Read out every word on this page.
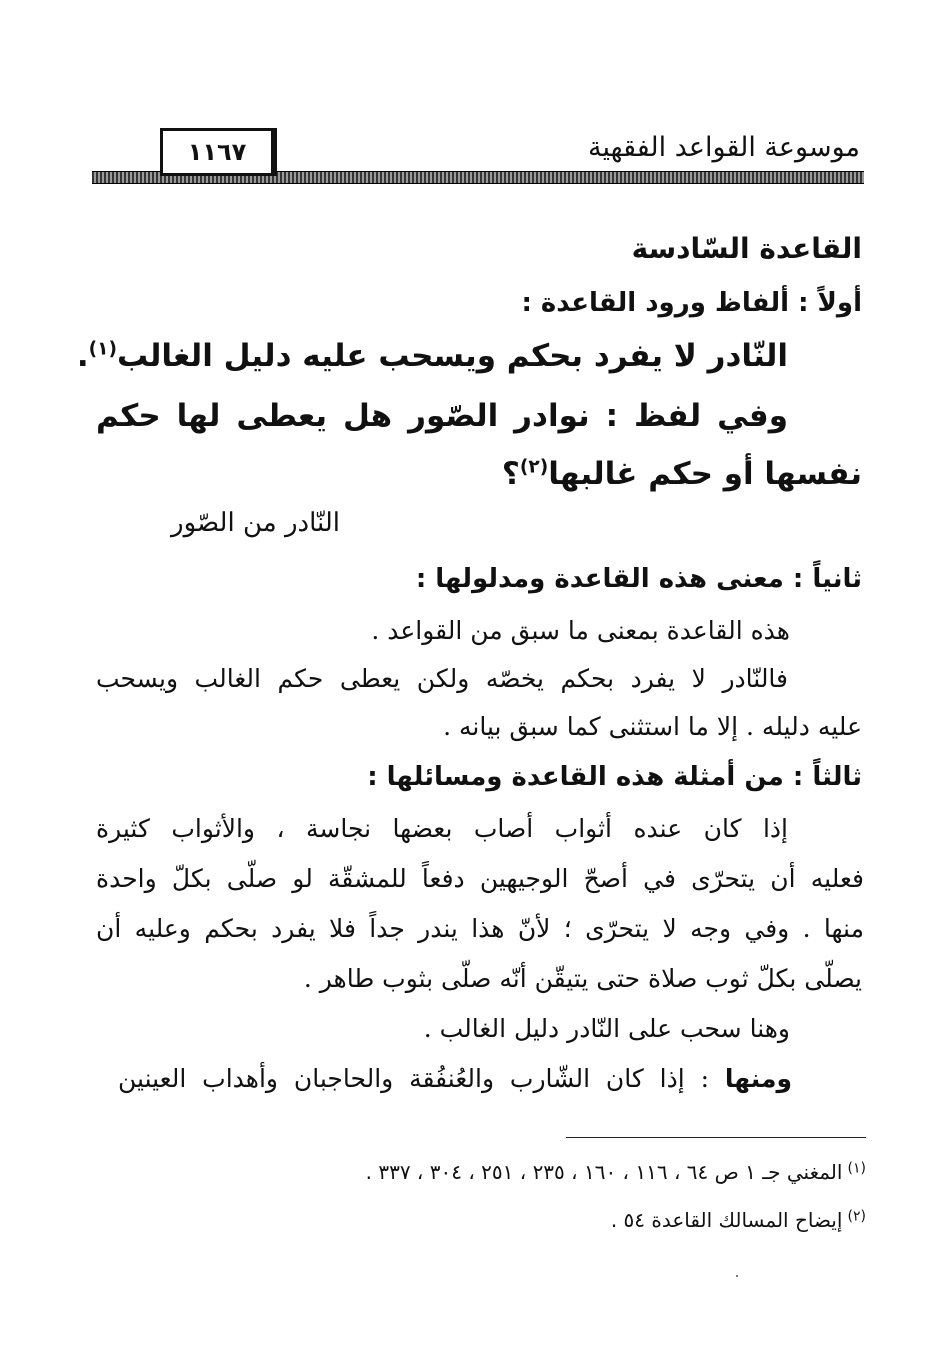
موسوعة القواعد الفقهية
١١٦٧
القاعدة السّادسة
أولاً : ألفاظ ورود القاعدة :
النّادر لا يفرد بحكم ويسحب عليه دليل الغالب$^{(١)}$.
وفي لفظ : نوادر الصّور هل يعطى لها حكم
نفسها أو حكم غالبها$^{(٢)}$؟
النّادر من الصّور
ثانياً : معنى هذه القاعدة ومدلولها :
هذه القاعدة بمعنى ما سبق من القواعد .
فالنّادر لا يفرد بحكم يخصّه ولكن يعطى حكم الغالب ويسحب
عليه دليله . إلا ما استثنى كما سبق بيانه .
ثالثاً : من أمثلة هذه القاعدة ومسائلها :
إذا كان عنده أثواب أصاب بعضها نجاسة ، والأثواب كثيرة
فعليه أن يتحرّى في أصحّ الوجيهين دفعاً للمشقّة لو صلّى بكلّ واحدة
منها . وفي وجه لا يتحرّى ؛ لأنّ هذا يندر جداً فلا يفرد بحكم وعليه أن
يصلّى بكلّ ثوب صلاة حتى يتيقّن أنّه صلّى بثوب طاهر .
وهنا سحب على النّادر دليل الغالب .
ومنها : إذا كان الشّارب والعُنفُقة والحاجبان وأهداب العينين
(١) المغني جـ ١ ص ٦٤ ، ١١٦ ، ١٦٠ ، ٢٣٥ ، ٢٥١ ، ٣٠٤ ، ٣٣٧ .
(٢) إيضاح المسالك القاعدة ٥٤ .
